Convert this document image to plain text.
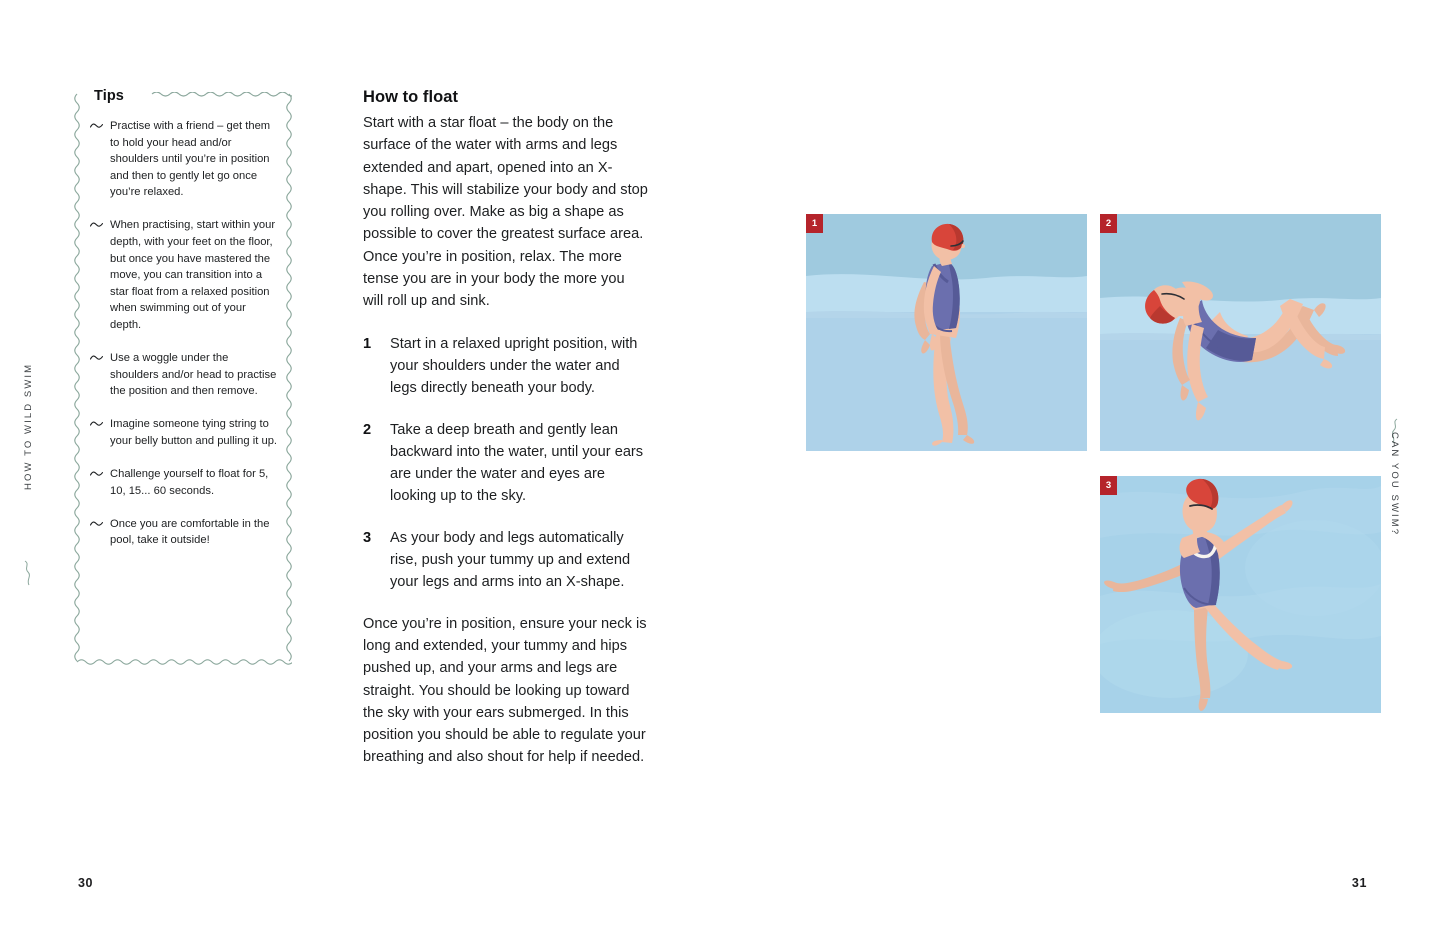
HOW TO WILD SWIM
30
Tips
Practise with a friend – get them to hold your head and/or shoulders until you’re in position and then to gently let go once you’re relaxed.
When practising, start within your depth, with your feet on the floor, but once you have mastered the move, you can transition into a star float from a relaxed position when swimming out of your depth.
Use a woggle under the shoulders and/or head to practise the position and then remove.
Imagine someone tying string to your belly button and pulling it up.
Challenge yourself to float for 5, 10, 15... 60 seconds.
Once you are comfortable in the pool, take it outside!
How to float

Start with a star float – the body on the surface of the water with arms and legs extended and apart, opened into an X-shape. This will stabilize your body and stop you rolling over. Make as big a shape as possible to cover the greatest surface area. Once you’re in position, relax. The more tense you are in your body the more you will roll up and sink.

1 Start in a relaxed upright position, with your shoulders under the water and legs directly beneath your body.
2 Take a deep breath and gently lean backward into the water, until your ears are under the water and eyes are looking up to the sky.
3 As your body and legs automatically rise, push your tummy up and extend your legs and arms into an X-shape.

Once you’re in position, ensure your neck is long and extended, your tummy and hips pushed up, and your arms and legs are straight. You should be looking up toward the sky with your ears submerged. In this position you should be able to regulate your breathing and also shout for help if needed.

CAN YOU SWIM?
31
1	2
3
